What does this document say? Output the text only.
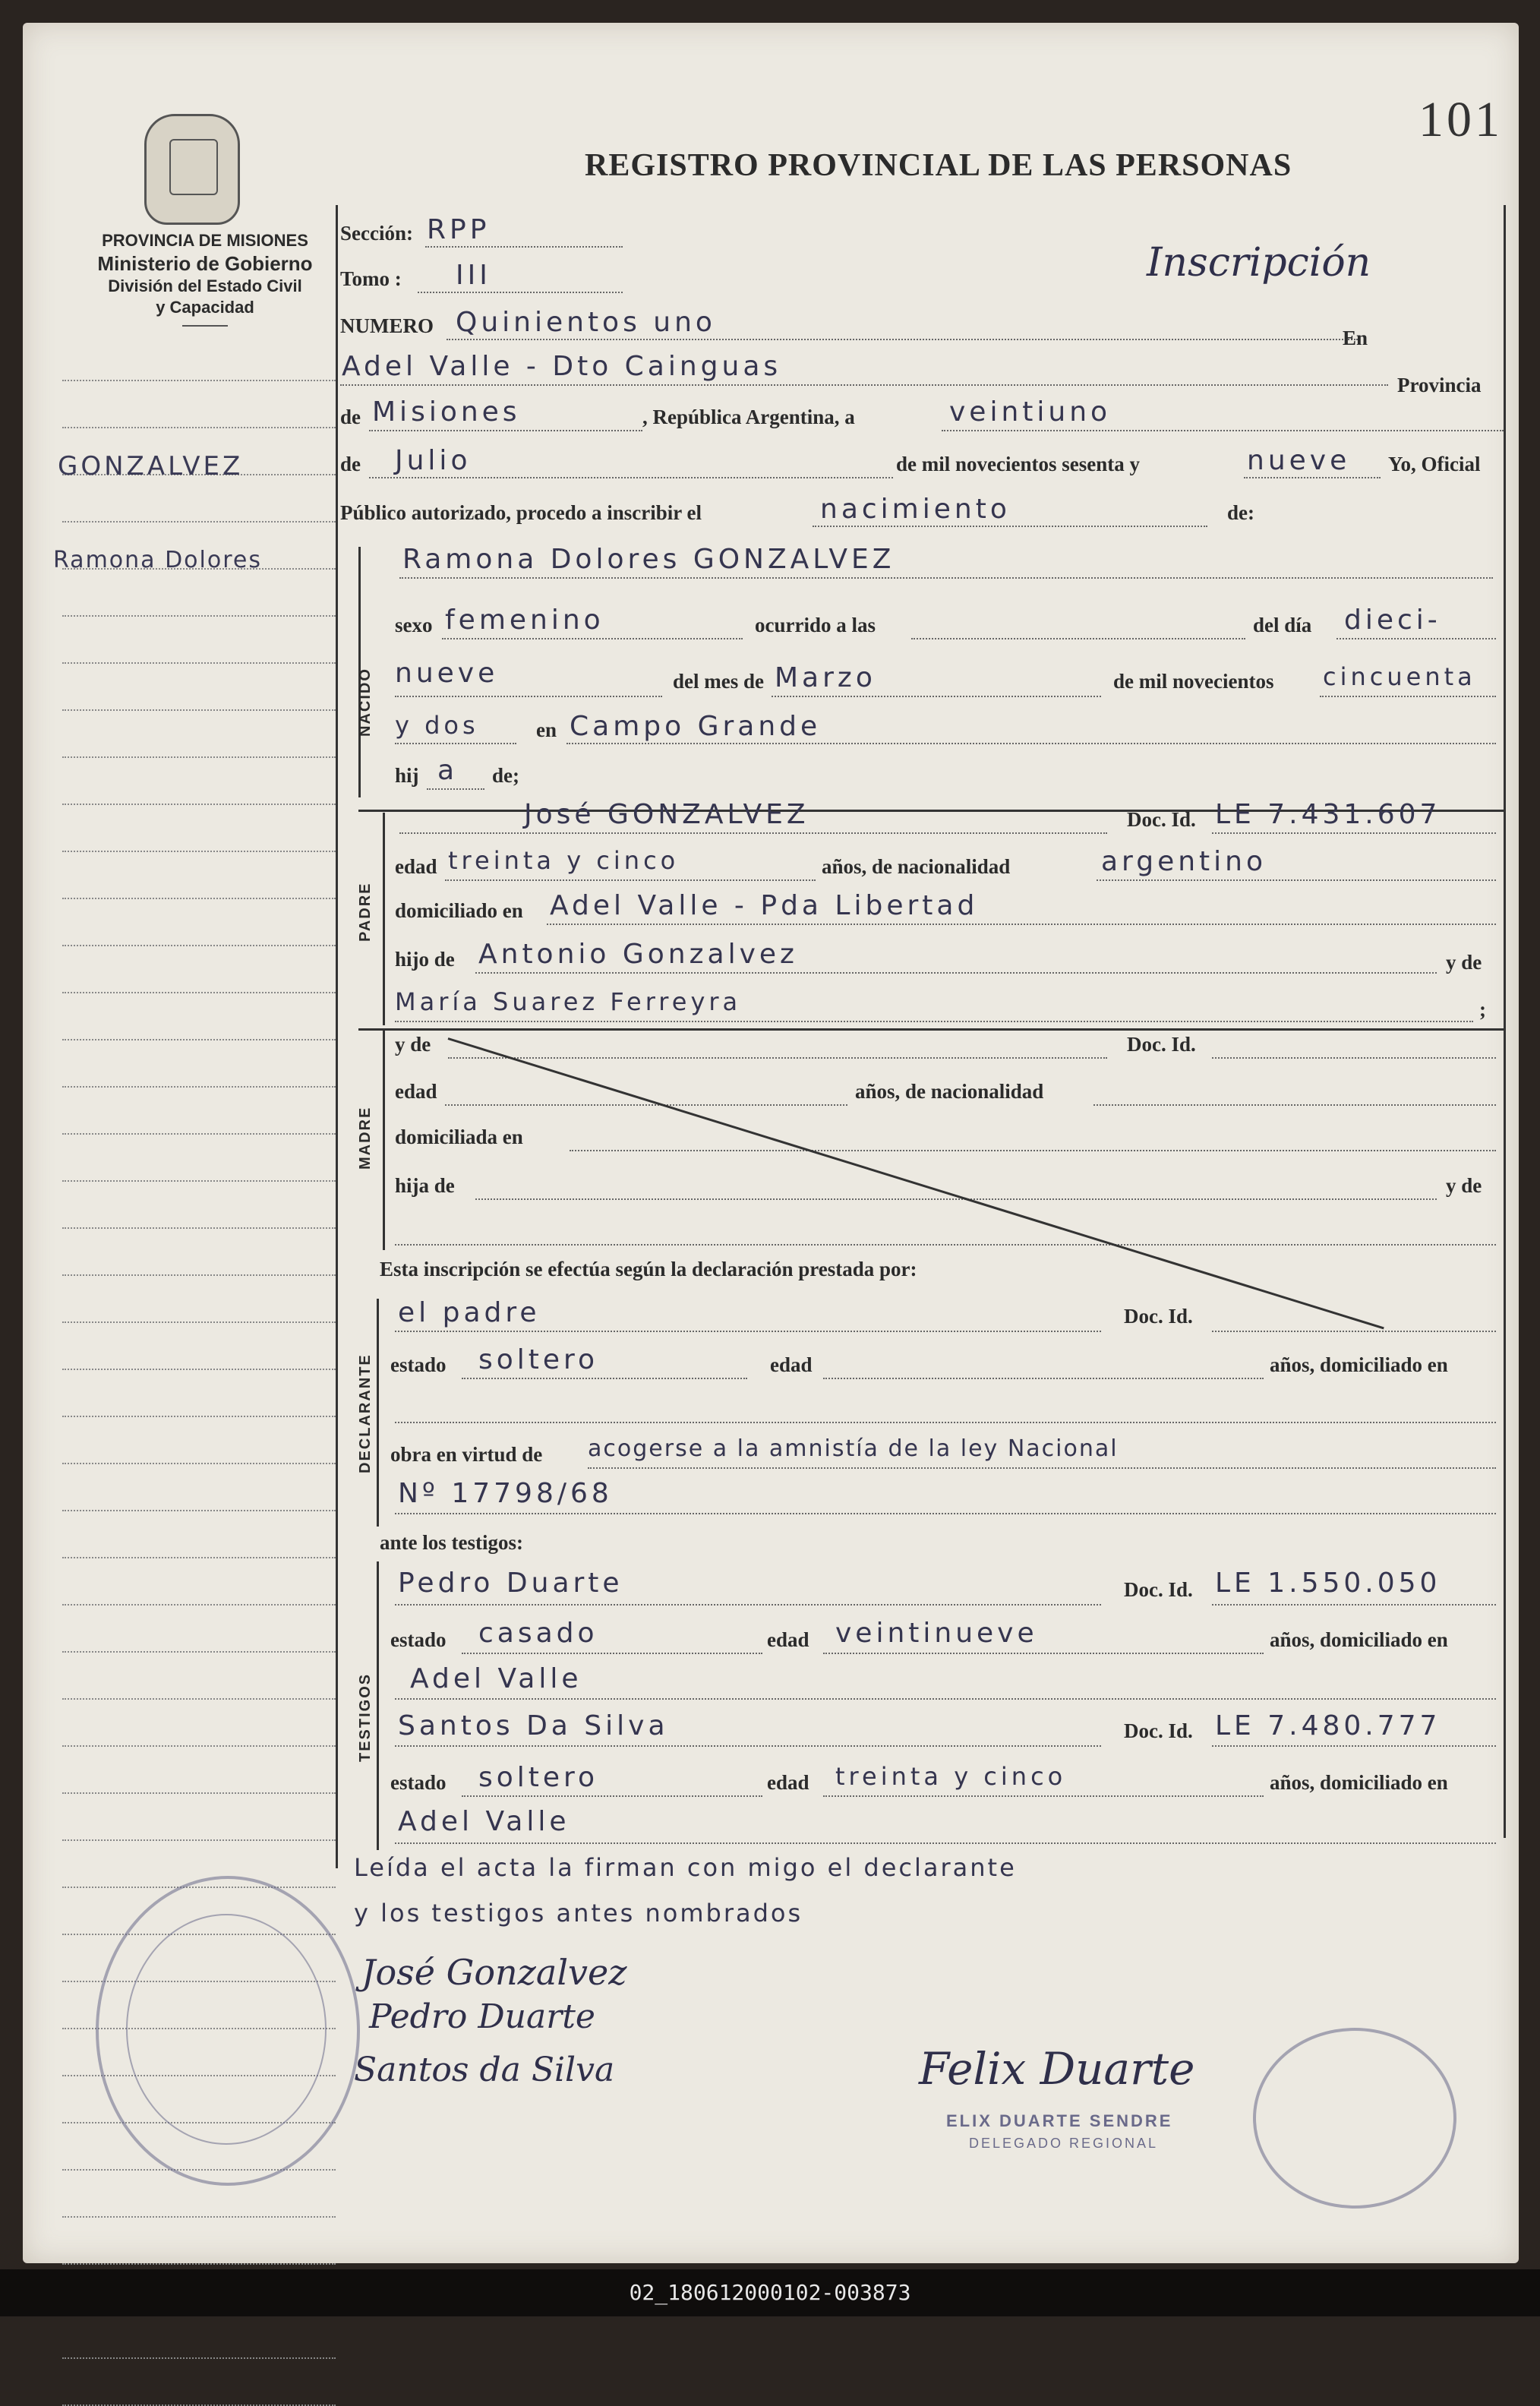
101
REGISTRO PROVINCIAL DE LAS PERSONAS
PROVINCIA DE MISIONES
Ministerio de Gobierno
División del Estado Civil
y Capacidad
GONZALVEZ
Ramona Dolores
Inscripción
Sección: RPP
Tomo : III
NUMERO Quinientos uno	En
Adel Valle - Dto Cainguas
Provincia
de Misiones	, República Argentina, a	veintiuno
de Julio	de mil novecientos sesenta y	nueve Yo, Oficial
Público autorizado, procedo a inscribir el	nacimiento	de:
NACIDO
Ramona Dolores GONZALVEZ
sexo femenino	ocurrido a las	del día dieci-
nueve	del mes de Marzo	de mil novecientos cincuenta
y dos	en Campo Grande
hij a de;
PADRE
José GONZALVEZ	Doc. Id. LE 7.431.607
edad treinta y cinco	años, de nacionalidad	argentino
domiciliado en Adel Valle - Pda Libertad
hijo de Antonio Gonzalvez	y de
María Suarez Ferreyra	;
MADRE
y de	Doc. Id.
edad	años, de nacionalidad
domiciliada en
hija de	y de
Esta inscripción se efectúa según la declaración prestada por:
DECLARANTE
el padre	Doc. Id.
estado soltero	edad	años, domiciliado en
obra en virtud de acogerse a la amnistía de la ley Nacional
Nº 17798/68
ante los testigos:
TESTIGOS
Pedro Duarte	Doc. Id. LE 1.550.050
estado casado	edad veintinueve	años, domiciliado en
Adel Valle
Santos Da Silva	Doc. Id. LE 7.480.777
estado soltero	edad treinta y cinco	años, domiciliado en
Adel Valle
Leída el acta la firman con migo el declarante
y los testigos antes nombrados
José Gonzalvez
Pedro Duarte
Santos da Silva	Felix Duarte
ELIX DUARTE SENDRE
DELEGADO REGIONAL
02_180612000102-003873
